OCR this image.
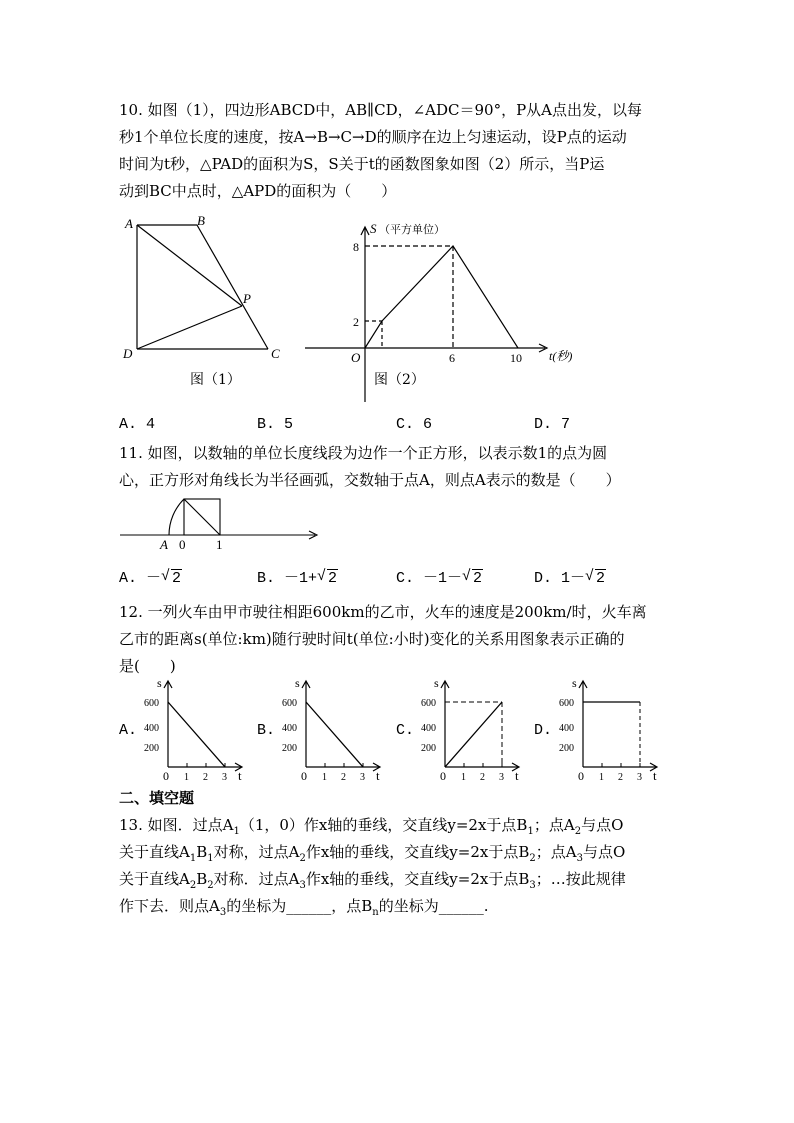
10. 如图（1），四边形ABCD中，AB∥CD，∠ADC＝90°，P从A点出发，以每
秒1个单位长度的速度，按A→B→C→D的顺序在边上匀速运动，设P点的运动
时间为t秒，△PAD的面积为S，S关于t的函数图象如图（2）所示，当P运
动到BC中点时，△APD的面积为（　　）
A	B
C
D
P
图（1）
S （平方单位）
8
2
O	6	10 t(秒)
图（2）
A. 4	B. 5	C. 6	D. 7
11. 如图，以数轴的单位长度线段为边作一个正方形，以表示数1的点为圆
心，正方形对角线长为半径画弧，交数轴于点A，则点A表示的数是（　　）
A 0 1
A. － √ 2	B. －1+ √ 2	C. －1－ √ 2	D. 1－ √ 2
12. 一列火车由甲市驶往相距600km的乙市，火车的速度是200km/时，火车离
乙市的距离s(单位:km)随行驶时间t(单位:小时)变化的关系用图象表示正确的
是(　　)
A.
s
600
400
200
0 1 2 3 t
B.
s
600
400
200
0 1 2 3 t
C.
s
600
400
200
0 1 2 3 t
D.
s
600
400
200
0 1 2 3 t
二、填空题
13. 如图．过点$A_1(1$，0）作x轴的垂线，交直线y=2x于点$B_1$；点$A_2$与点O
关于直线$A_1B_1$对称，过点$A_2$作x轴的垂线，交直线y=2x于点$B_2$；点$A_3$与点O
关于直线$A_2B_2$对称．过点$A_3$作x轴的垂线，交直线y=2x于点$B_3$；…按此规律
作下去．则点$A_3$的坐标为______，点$B_n$的坐标为______.
